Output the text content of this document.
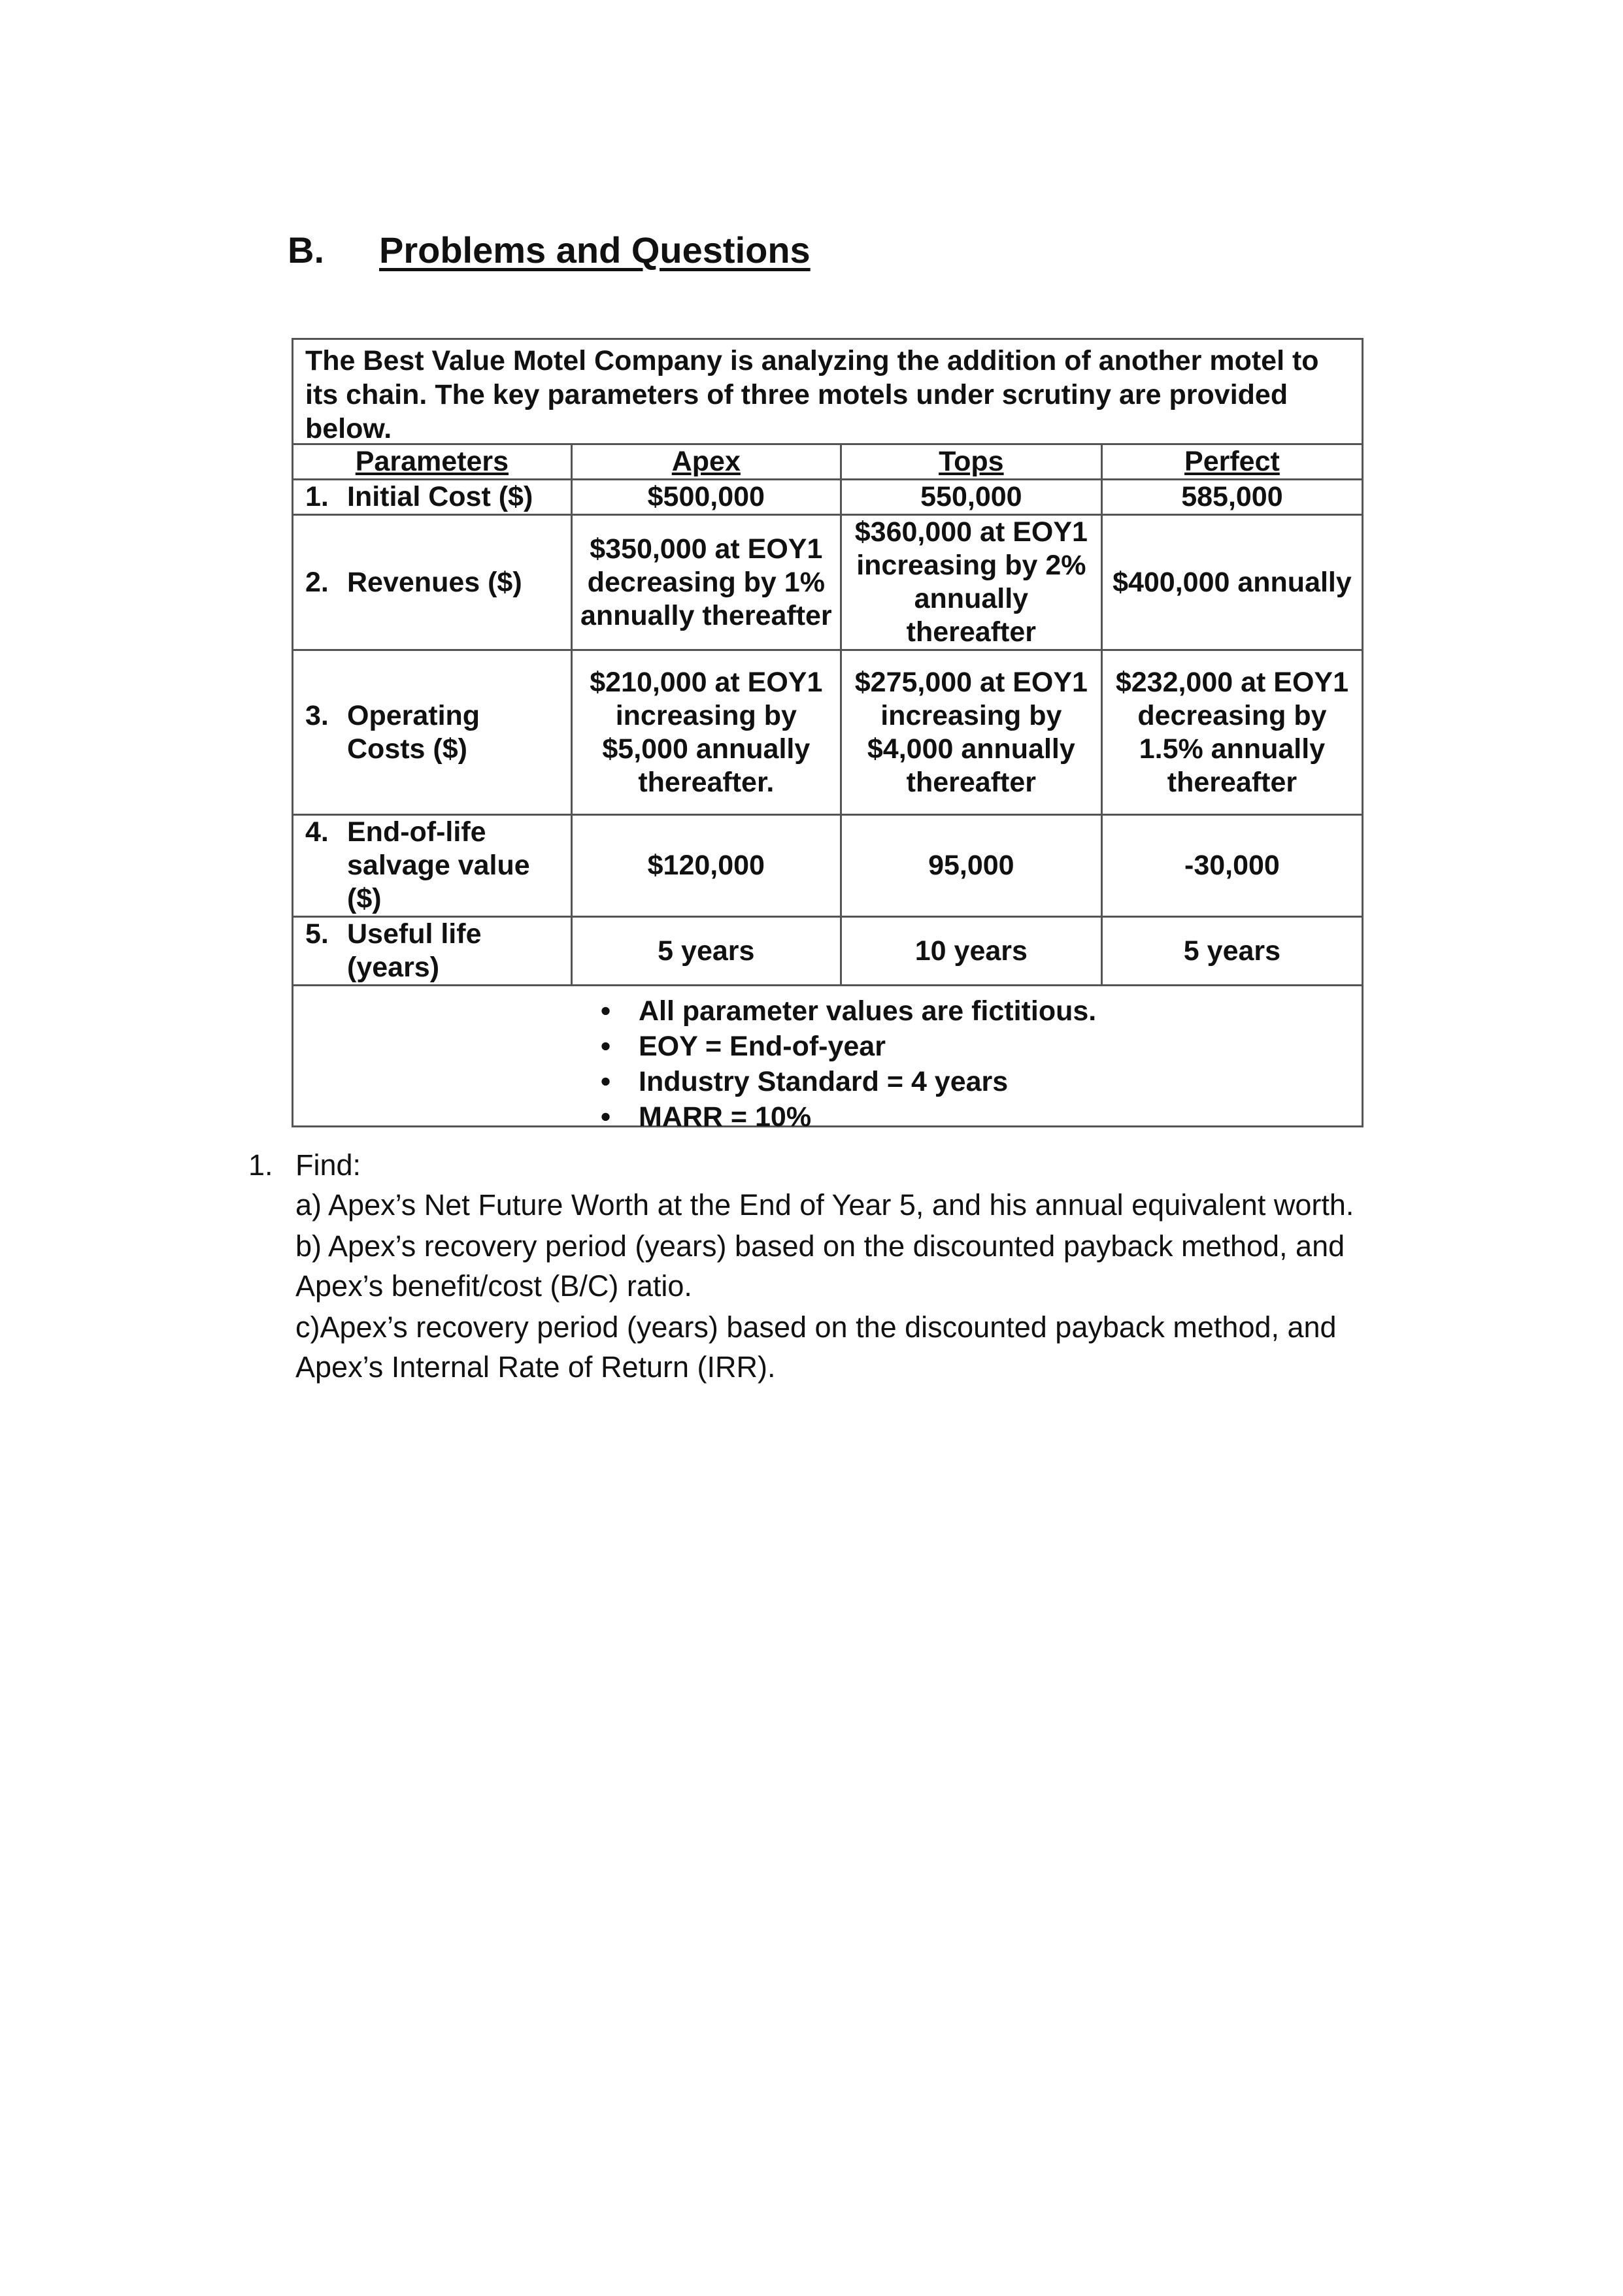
B. Problems and Questions

The Best Value Motel Company is analyzing the addition of another motel to its chain. The key parameters of three motels under scrutiny are provided below.

Parameters	Apex	Tops	Perfect

1. Initial Cost ($)	$500,000	550,000	585,000

2. Revenues ($)	$350,000 at EOY1 decreasing by 1% annually thereafter	$360,000 at EOY1 increasing by 2% annually thereafter	$400,000 annually

3. Operating Costs ($)	$210,000 at EOY1 increasing by $5,000 annually thereafter.	$275,000 at EOY1 increasing by $4,000 annually thereafter	$232,000 at EOY1 decreasing by 1.5% annually thereafter

4. End-of-life salvage value ($)	$120,000	95,000	-30,000

5. Useful life (years)	5 years	10 years	5 years
• All parameter values are fictitious.
• EOY = End-of-year
• Industry Standard = 4 years
• MARR = 10%
1. Find:

a) Apex’s Net Future Worth at the End of Year 5, and his annual equivalent worth.

b) Apex’s recovery period (years) based on the discounted payback method, and Apex’s benefit/cost (B/C) ratio.

c)Apex’s recovery period (years) based on the discounted payback method, and Apex’s Internal Rate of Return (IRR).
